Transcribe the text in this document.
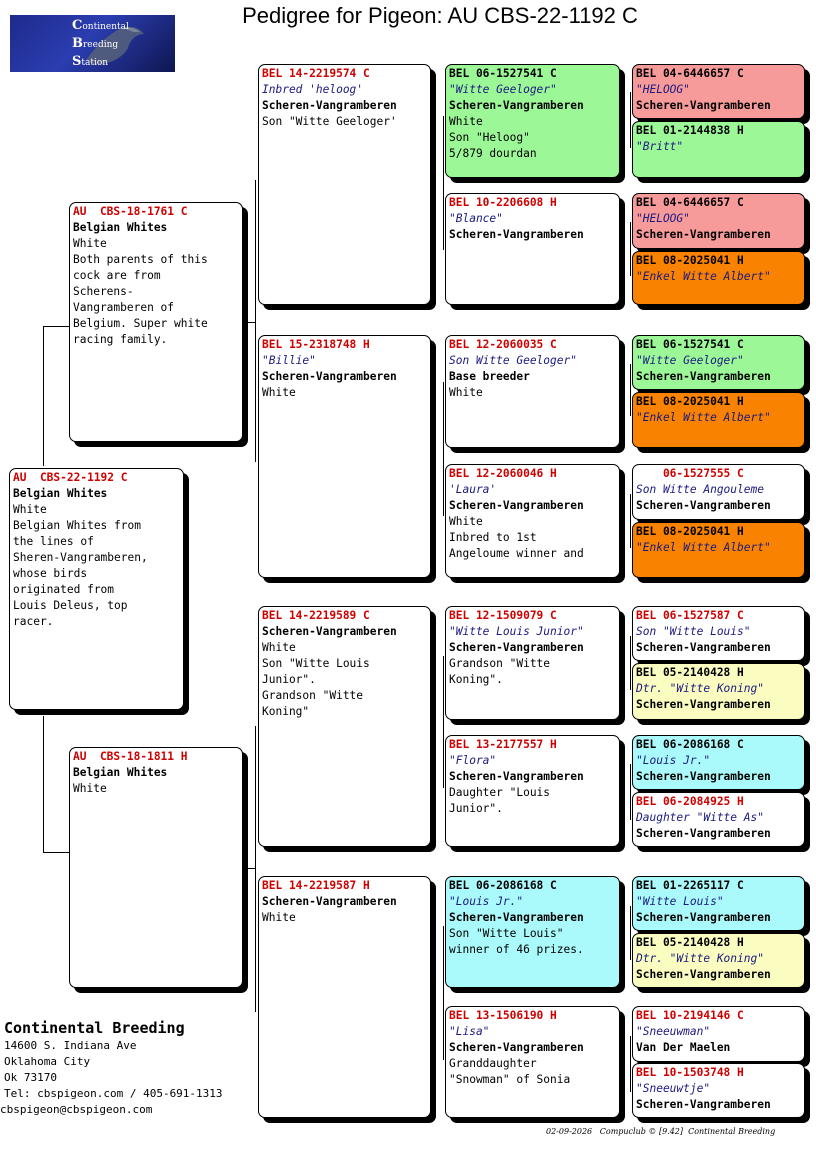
Pedigree for Pigeon: AU CBS-22-1192 C
Continental
Breeding
Station
AU  CBS-22-1192 C
Belgian Whites
White
Belgian Whites from
the lines of
Sheren-Vangramberen,
whose birds
originated from
Louis Deleus, top
racer.
AU  CBS-18-1761 C
Belgian Whites
White
Both parents of this
cock are from
Scherens-
Vangramberen of
Belgium. Super white
racing family.
AU  CBS-18-1811 H
Belgian Whites
White
BEL 14-2219574 C
Inbred 'heloog'
Scheren-Vangramberen
Son "Witte Geeloger'
BEL 15-2318748 H
"Billie"
Scheren-Vangramberen
White
BEL 14-2219589 C
Scheren-Vangramberen
White
Son "Witte Louis
Junior".
Grandson "Witte
Koning"
BEL 14-2219587 H
Scheren-Vangramberen
White
BEL 06-1527541 C
"Witte Geeloger"
Scheren-Vangramberen
White
Son "Heloog"
5/879 dourdan
BEL 10-2206608 H
"Blance"
Scheren-Vangramberen
BEL 12-2060035 C
Son Witte Geeloger"
Base breeder
White
BEL 12-2060046 H
'Laura'
Scheren-Vangramberen
White
Inbred to 1st
Angeloume winner and
BEL 12-1509079 C
"Witte Louis Junior"
Scheren-Vangramberen
Grandson "Witte
Koning".
BEL 13-2177557 H
"Flora"
Scheren-Vangramberen
Daughter "Louis
Junior".
BEL 06-2086168 C
"Louis Jr."
Scheren-Vangramberen
Son "Witte Louis"
winner of 46 prizes.
BEL 13-1506190 H
"Lisa"
Scheren-Vangramberen
Granddaughter
"Snowman" of Sonia
BEL 04-6446657 C
"HELOOG"
Scheren-Vangramberen
BEL 01-2144838 H
"Britt"
BEL 04-6446657 C
"HELOOG"
Scheren-Vangramberen
BEL 08-2025041 H
"Enkel Witte Albert"
BEL 06-1527541 C
"Witte Geeloger"
Scheren-Vangramberen
BEL 08-2025041 H
"Enkel Witte Albert"
06-1527555 C
Son Witte Angouleme
Scheren-Vangramberen
BEL 08-2025041 H
"Enkel Witte Albert"
BEL 06-1527587 C
Son "Witte Louis"
Scheren-Vangramberen
BEL 05-2140428 H
Dtr. "Witte Koning"
Scheren-Vangramberen
BEL 06-2086168 C
"Louis Jr."
Scheren-Vangramberen
BEL 06-2084925 H
Daughter "Witte As"
Scheren-Vangramberen
BEL 01-2265117 C
"Witte Louis"
Scheren-Vangramberen
BEL 05-2140428 H
Dtr. "Witte Koning"
Scheren-Vangramberen
BEL 10-2194146 C
"Sneeuwman"
Van Der Maelen
BEL 10-1503748 H
"Sneeuwtje"
Scheren-Vangramberen
Continental Breeding
14600 S. Indiana Ave
Oklahoma City
Ok 73170
Tel: cbspigeon.com / 405-691-1313
cbspigeon@cbspigeon.com
02-09-2026   Compuclub © [9.42]  Continental Breeding
